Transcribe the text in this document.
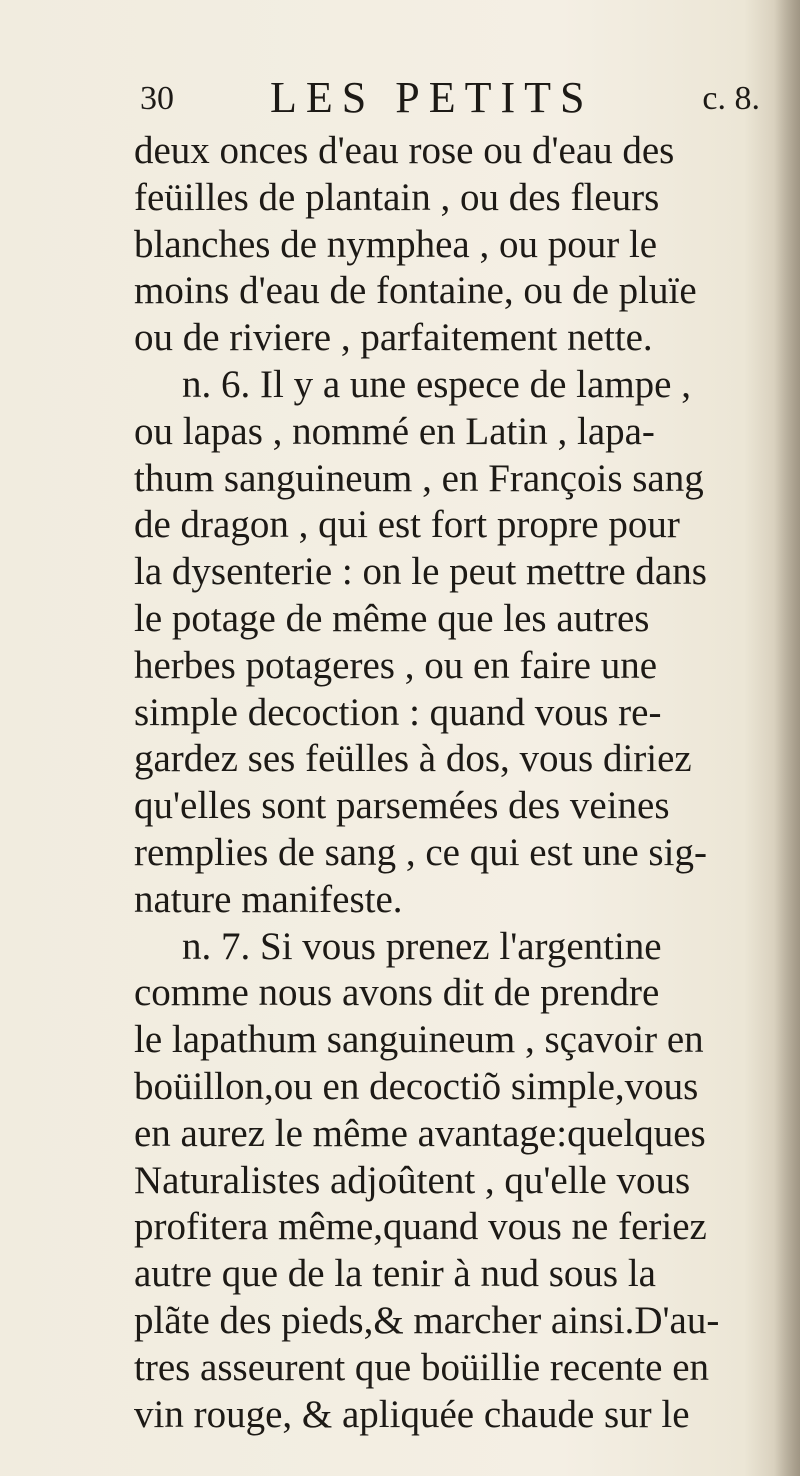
30 LES PETITS	c. 8.
deux onces d'eau rose ou d'eau des
feüilles de plantain , ou des fleurs
blanches de nymphea , ou pour le
moins d'eau de fontaine, ou de pluïe
ou de riviere , parfaitement nette.
n. 6. Il y a une espece de lampe ,
ou lapas , nommé en Latin , lapa-
thum sanguineum , en François sang
de dragon , qui est fort propre pour
la dysenterie : on le peut mettre dans
le potage de même que les autres
herbes potageres , ou en faire une
simple decoction : quand vous re-
gardez ses feülles à dos, vous diriez
qu'elles sont parsemées des veines
remplies de sang , ce qui est une sig-
nature manifeste.
n. 7. Si vous prenez l'argentine
comme nous avons dit de prendre
le lapathum sanguineum , sçavoir en
boüillon,ou en decoctiõ simple,vous
en aurez le même avantage:quelques
Naturalistes adjoûtent , qu'elle vous
profitera même,quand vous ne feriez
autre que de la tenir à nud sous la
plãte des pieds,& marcher ainsi.D'au-
tres asseurent que boüillie recente en
vin rouge, & apliquée chaude sur le
